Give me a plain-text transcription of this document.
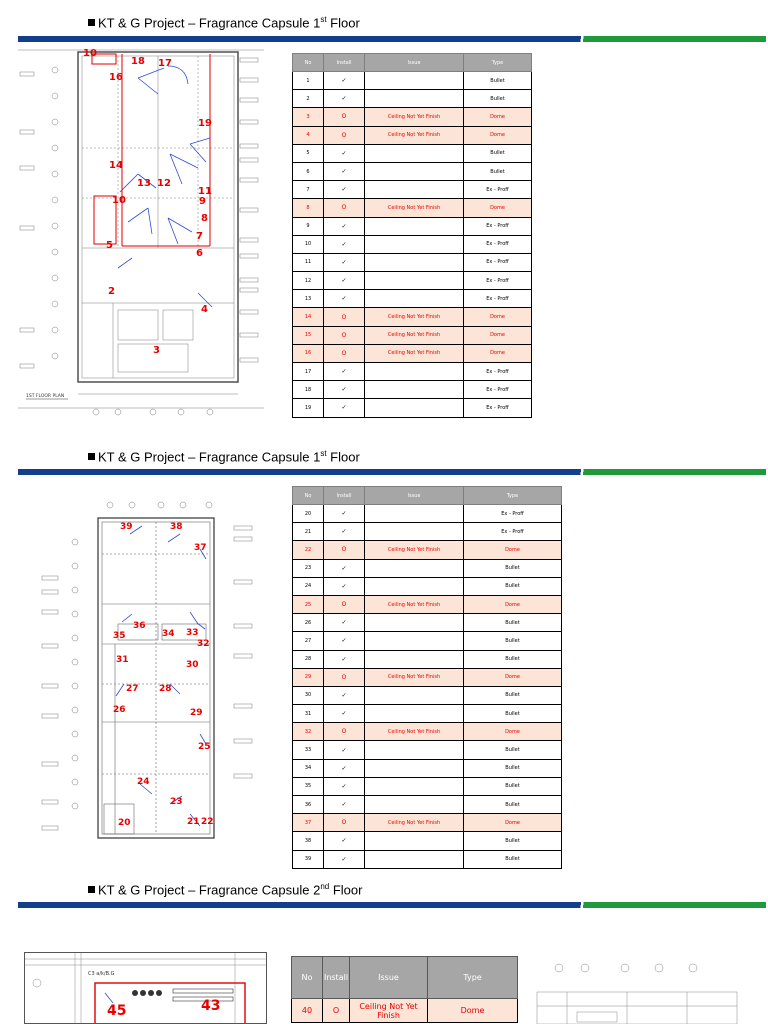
KT & G Project – Fragrance Capsule 1st Floor
10
18 17
16
19
14
13 12
11
10	9
8
7
6
5
2
4
3
1ST FLOOR PLAN
No	Install	Issue	Type
1	✓		Bullet
2	✓		Bullet
3	O	Ceiling Not Yet Finish	Dome
4	O	Ceiling Not Yet Finish	Dome
5	✓		Bullet
6	✓		Bullet
7	✓		Ex - Proff
8	O	Ceiling Not Yet Finish	Dome
9	✓		Ex - Proff
10	✓		Ex - Proff
11	✓		Ex - Proff
12	✓		Ex - Proff
13	✓		Ex - Proff
14	O	Ceiling Not Yet Finish	Dome
15	O	Ceiling Not Yet Finish	Dome
16	O	Ceiling Not Yet Finish	Dome
17	✓		Ex - Proff
18	✓		Ex - Proff
19	✓		Ex - Proff
KT & G Project – Fragrance Capsule 1st Floor
39	38
37
36
35	34 33
32
31	30
27 28
26	29
25
24
23
20	21 22
No	Install	Issue	Type
20	✓		Ex - Proff
21	✓		Ex - Proff
22	O	Ceiling Not Yet Finish	Dome
23	✓		Bullet
24	✓		Bullet
25	O	Ceiling Not Yet Finish	Dome
26	✓		Bullet
27	✓		Bullet
28	✓		Bullet
29	O	Ceiling Not Yet Finish	Dome
30	✓		Bullet
31	✓		Bullet
32	O	Ceiling Not Yet Finish	Dome
33	✓		Bullet
34	✓		Bullet
35	✓		Bullet
36	✓		Bullet
37	O	Ceiling Not Yet Finish	Dome
38	✓		Bullet
39	✓		Bullet
KT & G Project – Fragrance Capsule 2nd Floor
C3 a/k/B.G
45	43
No	Install	Issue	Type
40	O	Ceiling Not Yet Finish	Dome
